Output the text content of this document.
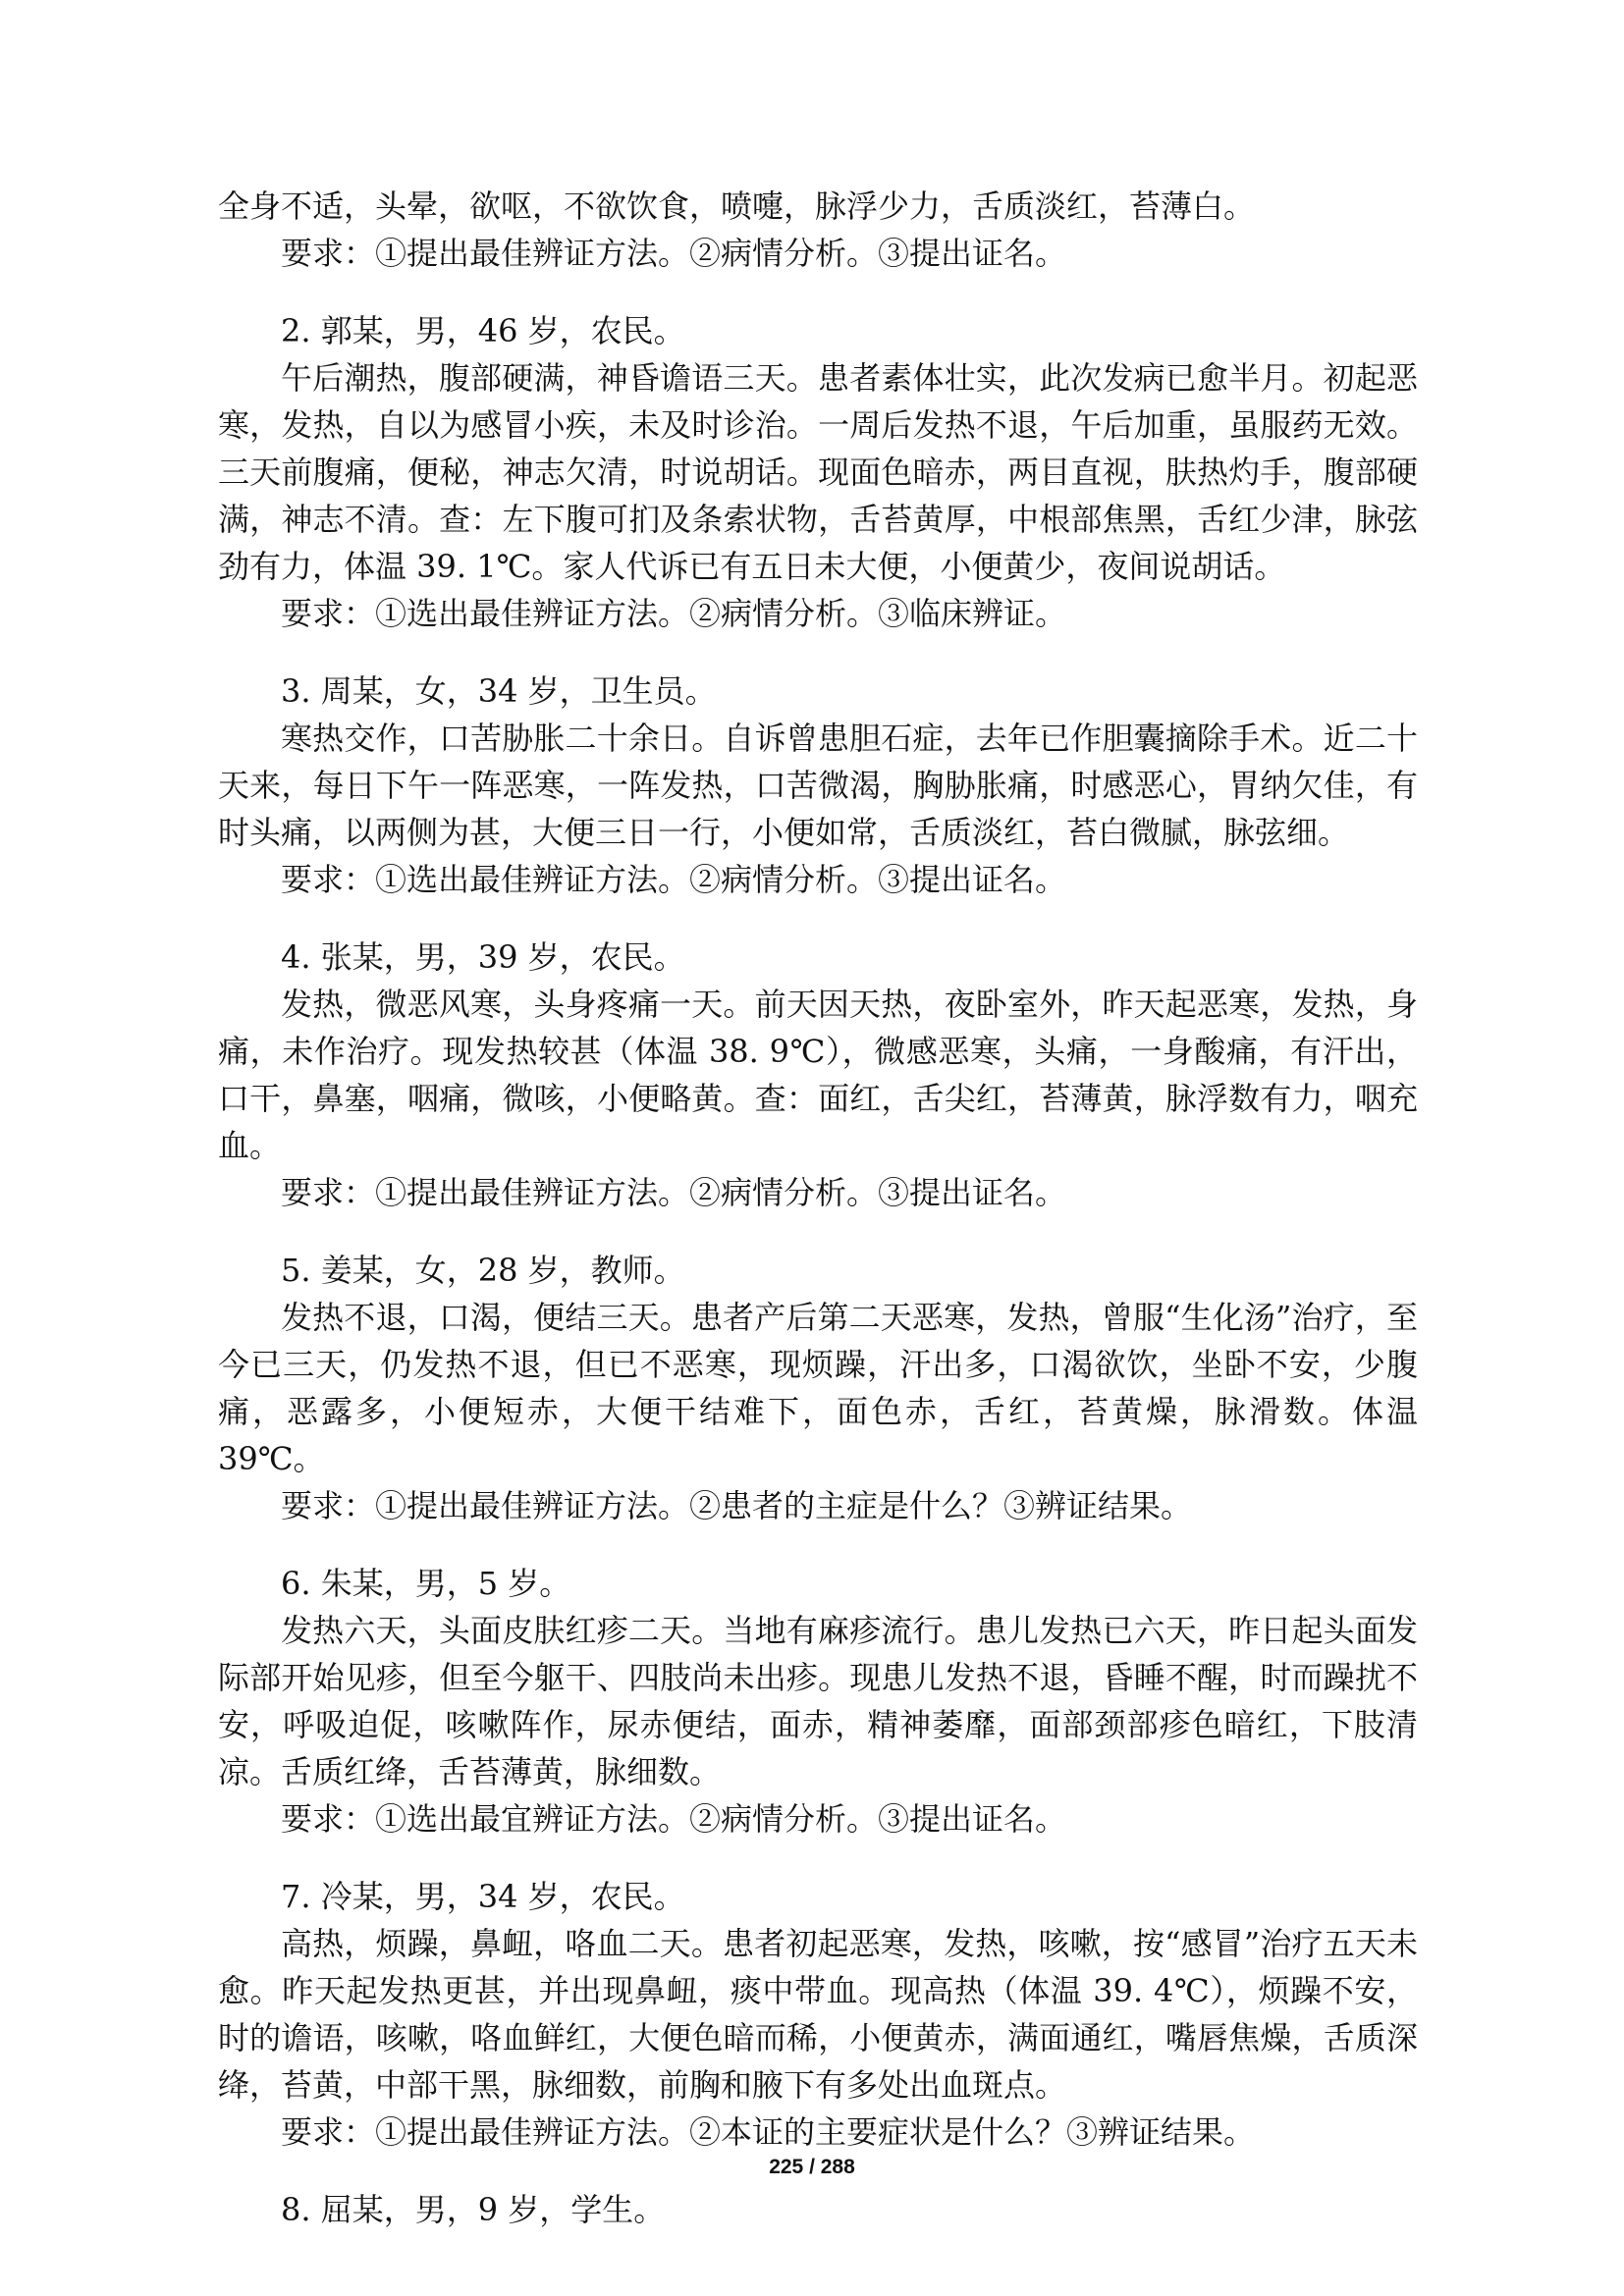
全身不适，头晕，欲呕，不欲饮食，喷嚏，脉浮少力，舌质淡红，苔薄白。

要求：①提出最佳辨证方法。②病情分析。③提出证名。

2. 郭某，男，46 岁，农民。

午后潮热，腹部硬满，神昏谵语三天。患者素体壮实，此次发病已愈半月。初起恶寒，发热，自以为感冒小疾，未及时诊治。一周后发热不退，午后加重，虽服药无效。三天前腹痛，便秘，神志欠清，时说胡话。现面色暗赤，两目直视，肤热灼手，腹部硬满，神志不清。查：左下腹可扪及条索状物，舌苔黄厚，中根部焦黑，舌红少津，脉弦劲有力，体温 39. 1℃。家人代诉已有五日未大便，小便黄少，夜间说胡话。

要求：①选出最佳辨证方法。②病情分析。③临床辨证。

3. 周某，女，34 岁，卫生员。

寒热交作，口苦胁胀二十余日。自诉曾患胆石症，去年已作胆囊摘除手术。近二十天来，每日下午一阵恶寒，一阵发热，口苦微渴，胸胁胀痛，时感恶心，胃纳欠佳，有时头痛，以两侧为甚，大便三日一行，小便如常，舌质淡红，苔白微腻，脉弦细。

要求：①选出最佳辨证方法。②病情分析。③提出证名。

4. 张某，男，39 岁，农民。

发热，微恶风寒，头身疼痛一天。前天因天热，夜卧室外，昨天起恶寒，发热，身痛，未作治疗。现发热较甚（体温 38. 9℃），微感恶寒，头痛，一身酸痛，有汗出，口干，鼻塞，咽痛，微咳，小便略黄。查：面红，舌尖红，苔薄黄，脉浮数有力，咽充血。

要求：①提出最佳辨证方法。②病情分析。③提出证名。

5. 姜某，女，28 岁，教师。

发热不退，口渴，便结三天。患者产后第二天恶寒，发热，曾服“生化汤”治疗，至今已三天，仍发热不退，但已不恶寒，现烦躁，汗出多，口渴欲饮，坐卧不安，少腹痛，恶露多，小便短赤，大便干结难下，面色赤，舌红，苔黄燥，脉滑数。体温 39℃。

要求：①提出最佳辨证方法。②患者的主症是什么？③辨证结果。

6. 朱某，男，5 岁。

发热六天，头面皮肤红疹二天。当地有麻疹流行。患儿发热已六天，昨日起头面发际部开始见疹，但至今躯干、四肢尚未出疹。现患儿发热不退，昏睡不醒，时而躁扰不安，呼吸迫促，咳嗽阵作，尿赤便结，面赤，精神萎靡，面部颈部疹色暗红，下肢清凉。舌质红绛，舌苔薄黄，脉细数。

要求：①选出最宜辨证方法。②病情分析。③提出证名。

7. 冷某，男，34 岁，农民。

高热，烦躁，鼻衄，咯血二天。患者初起恶寒，发热，咳嗽，按“感冒”治疗五天未愈。昨天起发热更甚，并出现鼻衄，痰中带血。现高热（体温 39. 4℃），烦躁不安，时的谵语，咳嗽，咯血鲜红，大便色暗而稀，小便黄赤，满面通红，嘴唇焦燥，舌质深绛，苔黄，中部干黑，脉细数，前胸和腋下有多处出血斑点。

要求：①提出最佳辨证方法。②本证的主要症状是什么？③辨证结果。

8. 屈某，男，9 岁，学生。

225 / 288
